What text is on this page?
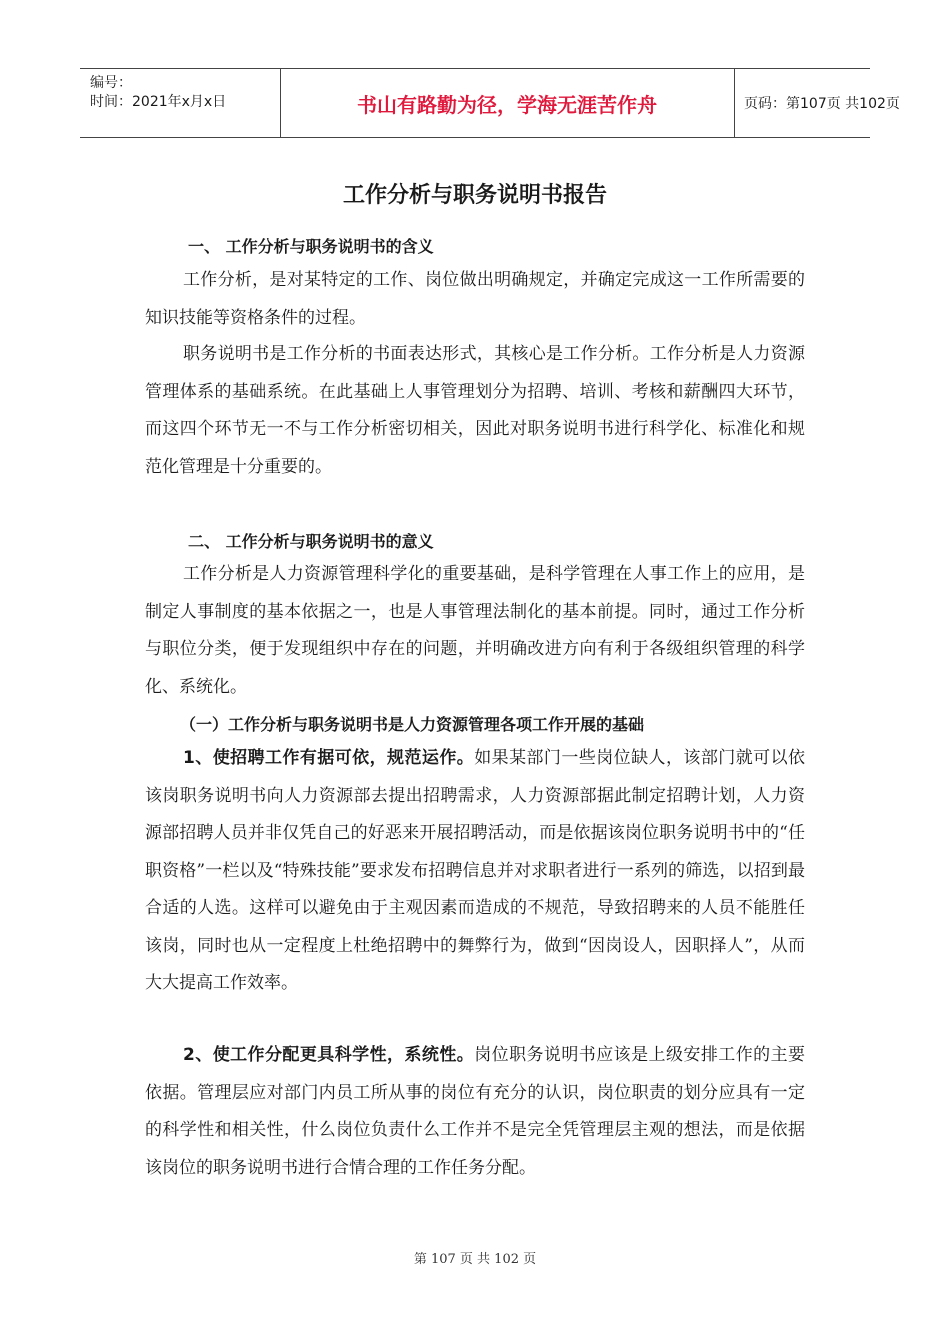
编号：
时间：2021年x月x日	书山有路勤为径，学海无涯苦作舟	页码：第107页 共102页
工作分析与职务说明书报告
一、 工作分析与职务说明书的含义

工作分析，是对某特定的工作、岗位做出明确规定，并确定完成这一工作所需要的知识技能等资格条件的过程。

职务说明书是工作分析的书面表达形式，其核心是工作分析。工作分析是人力资源管理体系的基础系统。在此基础上人事管理划分为招聘、培训、考核和薪酬四大环节，而这四个环节无一不与工作分析密切相关，因此对职务说明书进行科学化、标准化和规范化管理是十分重要的。

二、 工作分析与职务说明书的意义

工作分析是人力资源管理科学化的重要基础，是科学管理在人事工作上的应用，是制定人事制度的基本依据之一，也是人事管理法制化的基本前提。同时，通过工作分析与职位分类，便于发现组织中存在的问题，并明确改进方向有利于各级组织管理的科学化、系统化。

（一）工作分析与职务说明书是人力资源管理各项工作开展的基础

1、使招聘工作有据可依，规范运作。如果某部门一些岗位缺人，该部门就可以依该岗职务说明书向人力资源部去提出招聘需求，人力资源部据此制定招聘计划，人力资源部招聘人员并非仅凭自己的好恶来开展招聘活动，而是依据该岗位职务说明书中的“任职资格”一栏以及“特殊技能”要求发布招聘信息并对求职者进行一系列的筛选，以招到最合适的人选。这样可以避免由于主观因素而造成的不规范，导致招聘来的人员不能胜任该岗，同时也从一定程度上杜绝招聘中的舞弊行为，做到“因岗设人，因职择人”，从而大大提高工作效率。

2、使工作分配更具科学性，系统性。岗位职务说明书应该是上级安排工作的主要依据。管理层应对部门内员工所从事的岗位有充分的认识，岗位职责的划分应具有一定的科学性和相关性，什么岗位负责什么工作并不是完全凭管理层主观的想法，而是依据该岗位的职务说明书进行合情合理的工作任务分配。

第 107 页 共 102 页
